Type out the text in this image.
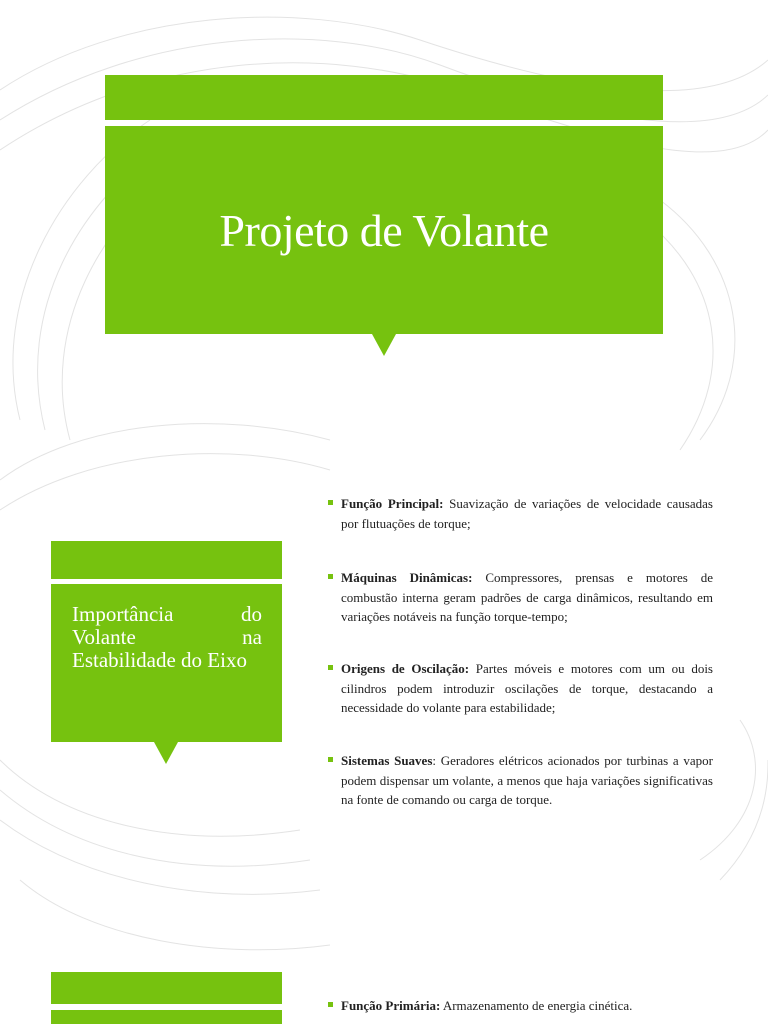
Projeto de Volante
Importância	do
Volante	na
Estabilidade do Eixo
Função Principal: Suavização de variações de velocidade causadas por flutuações de torque;
Máquinas Dinâmicas: Compressores, prensas e motores de combustão interna geram padrões de carga dinâmicos, resultando em variações notáveis na função torque-tempo;
Origens de Oscilação: Partes móveis e motores com um ou dois cilindros podem introduzir oscilações de torque, destacando a necessidade do volante para estabilidade;
Sistemas Suaves: Geradores elétricos acionados por turbinas a vapor podem dispensar um volante, a menos que haja variações significativas na fonte de comando ou carga de torque.
Função Primária: Armazenamento de energia cinética.
